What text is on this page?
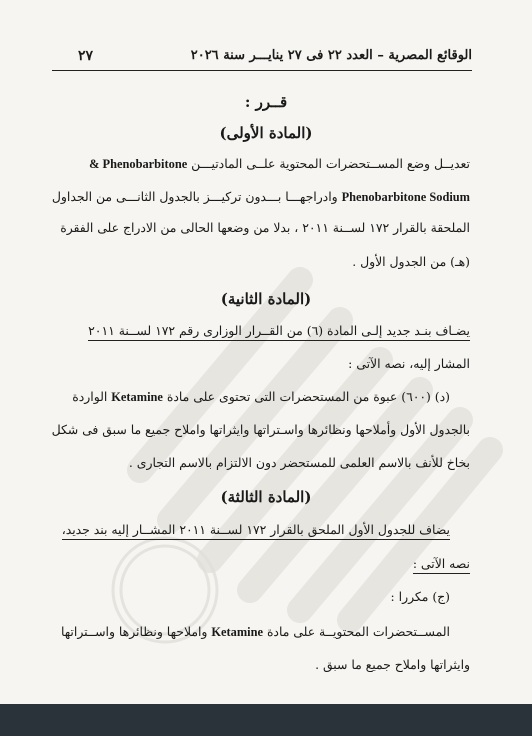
الوقائع المصرية – العدد ٢٢ فى ٢٧ ينايـــر سنة ٢٠٢٦
٢٧
قــرر :
(المادة الأولى)
تعديــل وضع المســتحضرات المحتوية علــى المادتيـــن Phenobarbitone &
Phenobarbitone Sodium وادراجهـــا بـــدون تركيـــز بالجدول الثانـــى من الجداول
الملحقة بالقرار ١٧٢ لســنة ٢٠١١ ، بدلا من وضعها الحالى من الادراج على الفقرة
(هـ) من الجدول الأول .
(المادة الثانية)
يضـاف بنـد جديد إلـى المادة (٦) من القــرار الوزارى رقم ١٧٢ لســنة ٢٠١١
المشار إليه، نصه الآتى :
(د) (٦٠٠) عبوة من المستحضرات التى تحتوى على مادة Ketamine الواردة
بالجدول الأول وأملاحها ونظائرها واسـتراتها وايثراتها واملاح جميع ما سبق فى شكل
بخاخ للأنف بالاسم العلمى للمستحضر دون الالتزام بالاسم التجارى .
(المادة الثالثة)
يضاف للجدول الأول الملحق بالقرار ١٧٢ لســنة ٢٠١١ المشــار إليه بند جديد،
نصه الآتى :
(ج) مكررا :
المســتحضرات المحتويــة على مادة Ketamine واملاحها ونظائرها واســتراتها
وايثراتها واملاح جميع ما سبق .
